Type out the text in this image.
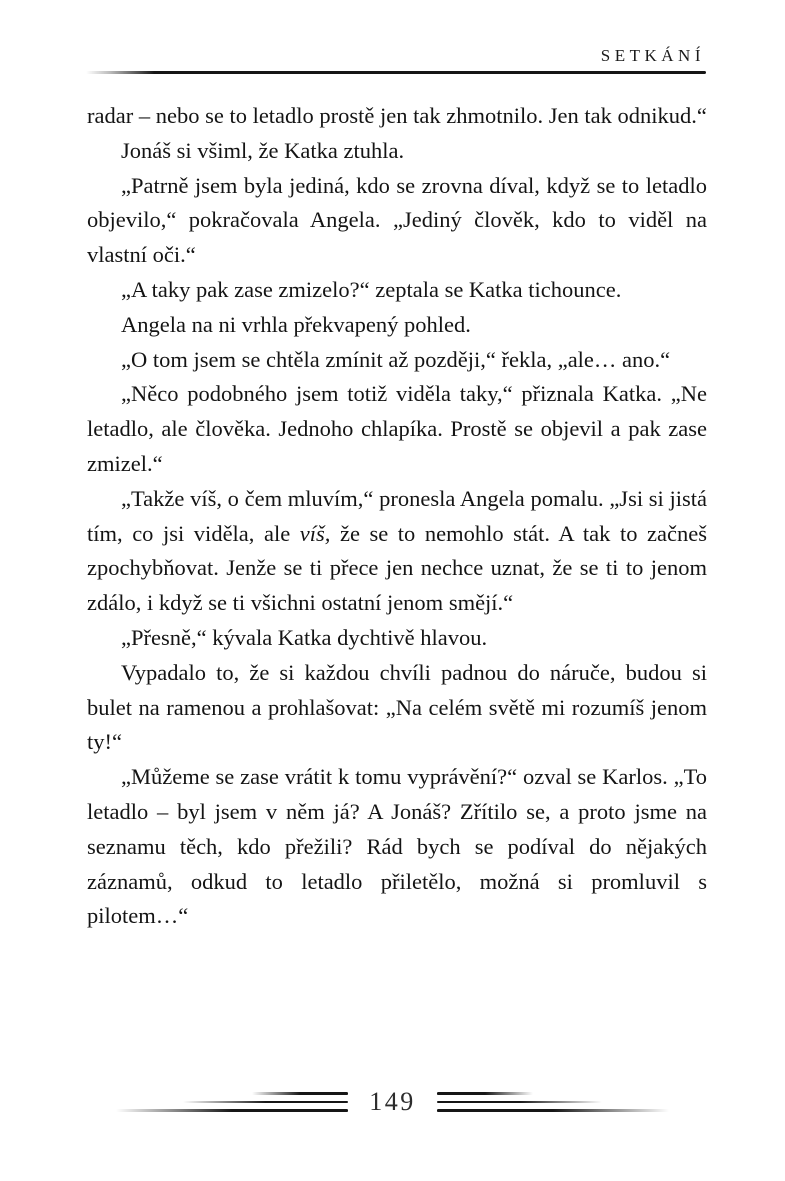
SETKÁNÍ

radar – nebo se to letadlo prostě jen tak zhmotnilo. Jen tak odnikud.“

Jonáš si všiml, že Katka ztuhla.

„Patrně jsem byla jediná, kdo se zrovna díval, když se to letadlo objevilo,“ pokračovala Angela. „Jediný člověk, kdo to viděl na vlastní oči.“

„A taky pak zase zmizelo?“ zeptala se Katka tichounce.

Angela na ni vrhla překvapený pohled.

„O tom jsem se chtěla zmínit až později,“ řekla, „ale… ano.“

„Něco podobného jsem totiž viděla taky,“ přiznala Katka. „Ne letadlo, ale člověka. Jednoho chlapíka. Prostě se objevil a pak zase zmizel.“

„Takže víš, o čem mluvím,“ pronesla Angela pomalu. „Jsi si jistá tím, co jsi viděla, ale víš, že se to nemohlo stát. A tak to začneš zpochybňovat. Jenže se ti přece jen nechce uznat, že se ti to jenom zdálo, i když se ti všichni ostatní jenom smějí.“

„Přesně,“ kývala Katka dychtivě hlavou.

Vypadalo to, že si každou chvíli padnou do náruče, budou si bulet na ramenou a prohlašovat: „Na celém světě mi rozumíš jenom ty!“

„Můžeme se zase vrátit k tomu vyprávění?“ ozval se Karlos. „To letadlo – byl jsem v něm já? A Jonáš? Zřítilo se, a proto jsme na seznamu těch, kdo přežili? Rád bych se podíval do nějakých záznamů, odkud to letadlo přiletělo, možná si promluvil s pilotem…“

149
